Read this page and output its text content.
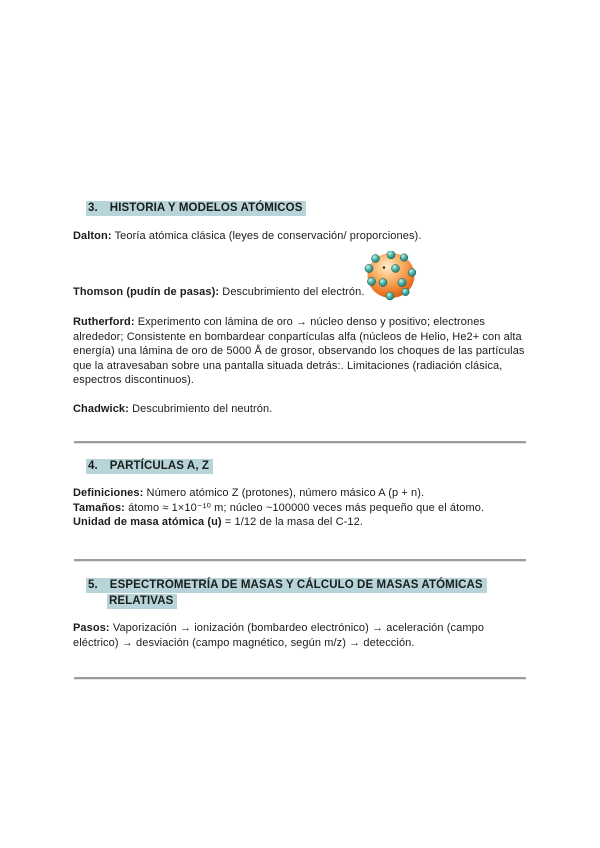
3. HISTORIA Y MODELOS ATÓMICOS
Dalton: Teoría atómica clásica (leyes de conservación/ proporciones).
Thomson (pudín de pasas): Descubrimiento del electrón.
Rutherford: Experimento con lámina de oro → núcleo denso y positivo; electrones alrededor; Consistente en bombardear conpartículas alfa (núcleos de Helio, He2+ con alta energía) una lámina de oro de 5000 Å de grosor, observando los choques de las partículas que la atravesaban sobre una pantalla situada detrás:. Limitaciones (radiación clásica, espectros discontinuos).
Chadwick: Descubrimiento del neutrón.
4. PARTÍCULAS A, Z
Definiciones: Número atómico Z (protones), número másico A (p + n).
Tamaños: átomo ≈ 1×10⁻¹⁰ m; núcleo ~100000 veces más pequeño que el átomo.
Unidad de masa atómica (u) = 1/12 de la masa del C-12.
5. ESPECTROMETRÍA DE MASAS Y CÁLCULO DE MASAS ATÓMICAS
RELATIVAS
Pasos: Vaporización → ionización (bombardeo electrónico) → aceleración (campo eléctrico) → desviación (campo magnético, según m/z) → detección.
